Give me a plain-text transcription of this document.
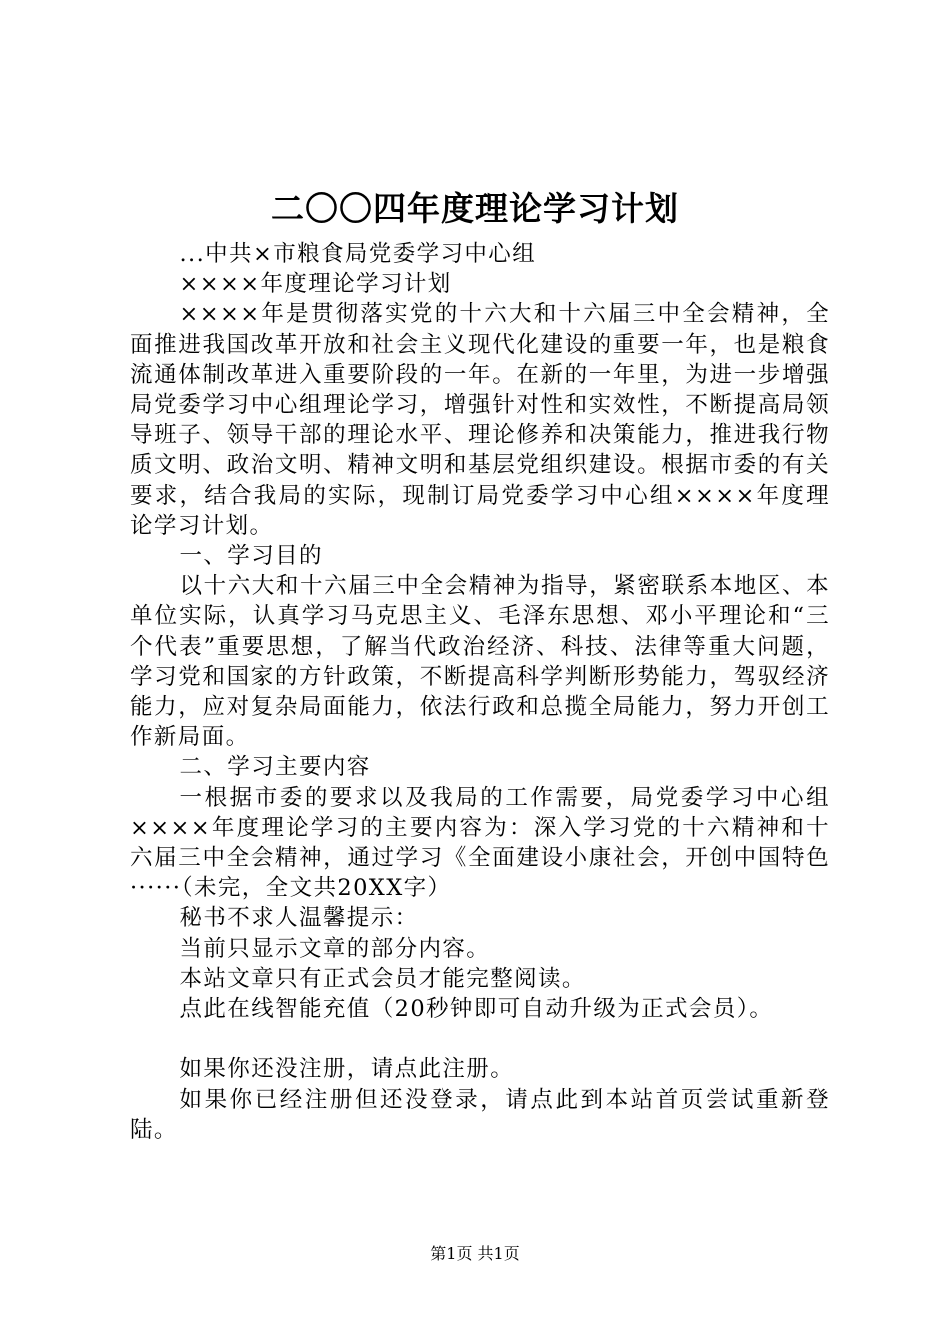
二〇〇四年度理论学习计划

...中共×市粮食局党委学习中心组

××××年度理论学习计划

××××年是贯彻落实党的十六大和十六届三中全会精神，全面推进我国改革开放和社会主义现代化建设的重要一年，也是粮食流通体制改革进入重要阶段的一年。在新的一年里，为进一步增强局党委学习中心组理论学习，增强针对性和实效性，不断提高局领导班子、领导干部的理论水平、理论修养和决策能力，推进我行物质文明、政治文明、精神文明和基层党组织建设。根据市委的有关要求，结合我局的实际，现制订局党委学习中心组××××年度理论学习计划。

一、学习目的

以十六大和十六届三中全会精神为指导，紧密联系本地区、本单位实际，认真学习马克思主义、毛泽东思想、邓小平理论和“三个代表”重要思想，了解当代政治经济、科技、法律等重大问题，学习党和国家的方针政策，不断提高科学判断形势能力，驾驭经济能力，应对复杂局面能力，依法行政和总揽全局能力，努力开创工作新局面。

二、学习主要内容

一根据市委的要求以及我局的工作需要，局党委学习中心组××××年度理论学习的主要内容为：深入学习党的十六精神和十六届三中全会精神，通过学习《全面建设小康社会，开创中国特色······（未完，全文共20XX字）

秘书不求人温馨提示：

当前只显示文章的部分内容。

本站文章只有正式会员才能完整阅读。

点此在线智能充值（20秒钟即可自动升级为正式会员）。

如果你还没注册，请点此注册。

如果你已经注册但还没登录，请点此到本站首页尝试重新登陆。

第1页 共1页
